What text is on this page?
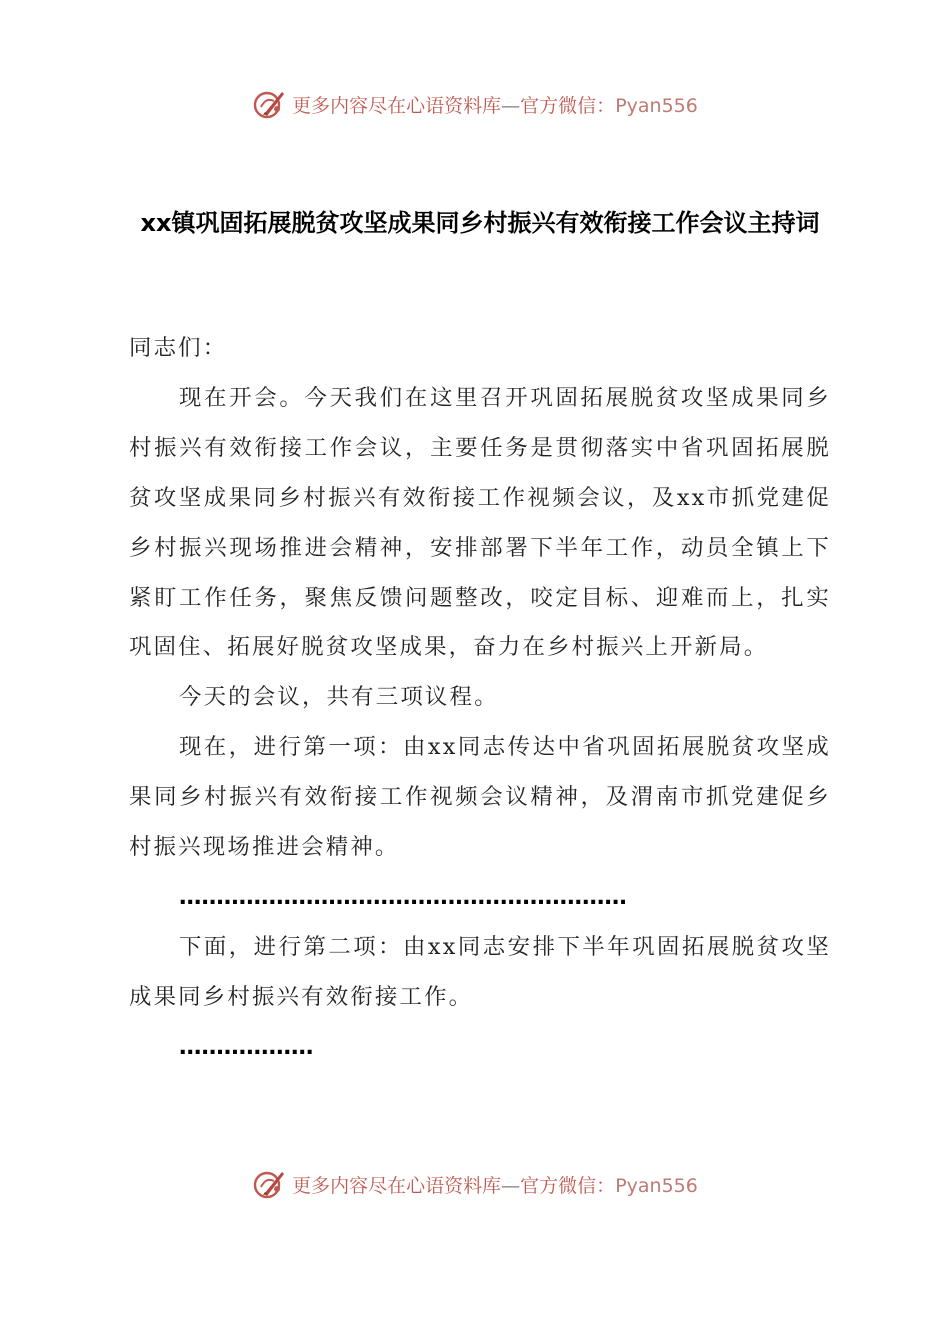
更多内容尽在心语资料库—官方微信：Pyan556
xx镇巩固拓展脱贫攻坚成果同乡村振兴有效衔接工作会议主持词

同志们：

现在开会。今天我们在这里召开巩固拓展脱贫攻坚成果同乡村振兴有效衔接工作会议，主要任务是贯彻落实中省巩固拓展脱贫攻坚成果同乡村振兴有效衔接工作视频会议，及xx市抓党建促乡村振兴现场推进会精神，安排部署下半年工作，动员全镇上下紧盯工作任务，聚焦反馈问题整改，咬定目标、迎难而上，扎实巩固住、拓展好脱贫攻坚成果，奋力在乡村振兴上开新局。

今天的会议，共有三项议程。

现在，进行第一项：由xx同志传达中省巩固拓展脱贫攻坚成果同乡村振兴有效衔接工作视频会议精神，及渭南市抓党建促乡村振兴现场推进会精神。

……………………………………………………

下面，进行第二项：由xx同志安排下半年巩固拓展脱贫攻坚成果同乡村振兴有效衔接工作。

………………

更多内容尽在心语资料库—官方微信：Pyan556
